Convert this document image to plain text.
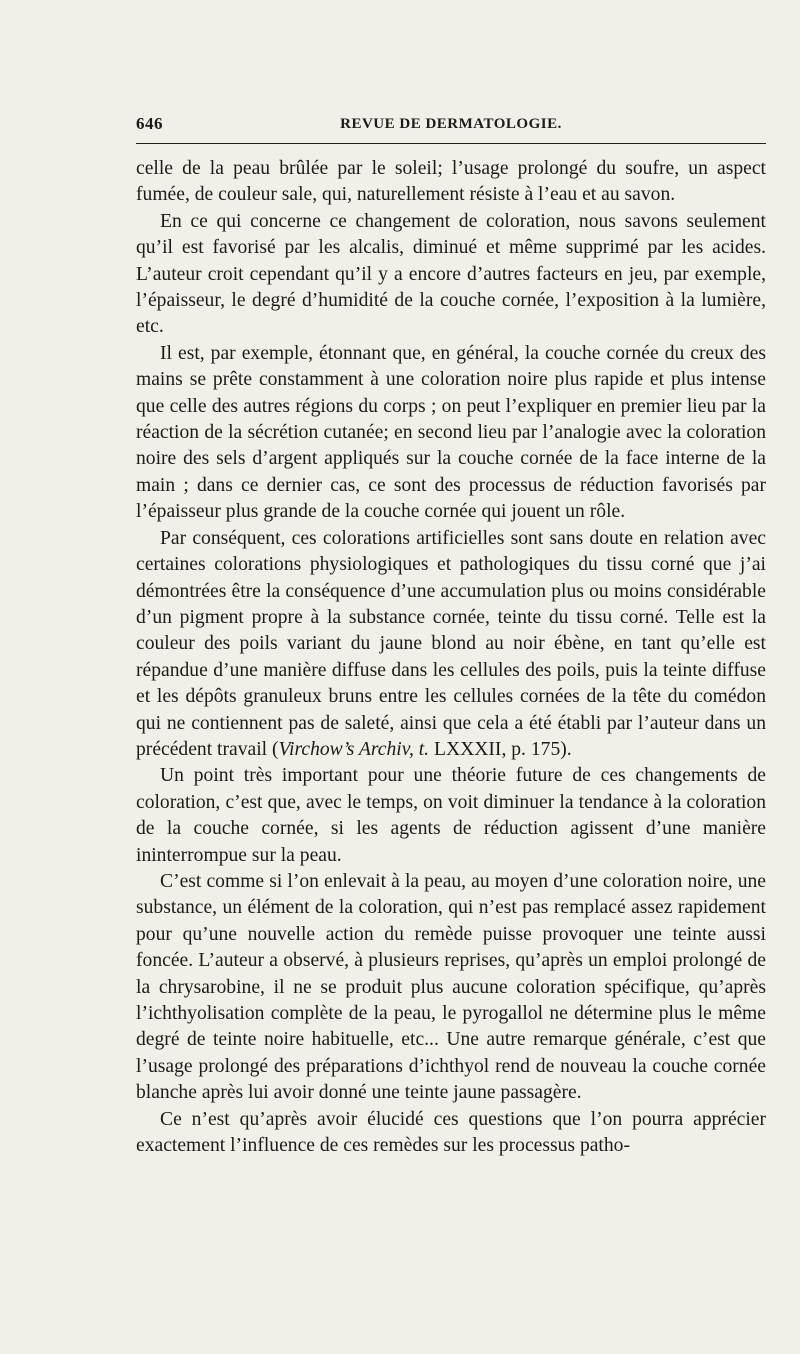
646	REVUE DE DERMATOLOGIE.

celle de la peau brûlée par le soleil; l’usage prolongé du soufre, un aspect fumée, de couleur sale, qui, naturellement résiste à l’eau et au savon.

En ce qui concerne ce changement de coloration, nous savons seulement qu’il est favorisé par les alcalis, diminué et même supprimé par les acides. L’auteur croit cependant qu’il y a encore d’autres facteurs en jeu, par exemple, l’épaisseur, le degré d’humidité de la couche cornée, l’exposition à la lumière, etc.

Il est, par exemple, étonnant que, en général, la couche cornée du creux des mains se prête constamment à une coloration noire plus rapide et plus intense que celle des autres régions du corps ; on peut l’expliquer en premier lieu par la réaction de la sécrétion cutanée; en second lieu par l’analogie avec la coloration noire des sels d’argent appliqués sur la couche cornée de la face interne de la main ; dans ce dernier cas, ce sont des processus de réduction favorisés par l’épaisseur plus grande de la couche cornée qui jouent un rôle.

Par conséquent, ces colorations artificielles sont sans doute en relation avec certaines colorations physiologiques et pathologiques du tissu corné que j’ai démontrées être la conséquence d’une accumulation plus ou moins considérable d’un pigment propre à la substance cornée, teinte du tissu corné. Telle est la couleur des poils variant du jaune blond au noir ébène, en tant qu’elle est répandue d’une manière diffuse dans les cellules des poils, puis la teinte diffuse et les dépôts granuleux bruns entre les cellules cornées de la tête du comédon qui ne contiennent pas de saleté, ainsi que cela a été établi par l’auteur dans un précédent travail (Virchow’s Archiv, t. LXXXII, p. 175).

Un point très important pour une théorie future de ces changements de coloration, c’est que, avec le temps, on voit diminuer la tendance à la coloration de la couche cornée, si les agents de réduction agissent d’une manière ininterrompue sur la peau.

C’est comme si l’on enlevait à la peau, au moyen d’une coloration noire, une substance, un élément de la coloration, qui n’est pas remplacé assez rapidement pour qu’une nouvelle action du remède puisse provoquer une teinte aussi foncée. L’auteur a observé, à plusieurs reprises, qu’après un emploi prolongé de la chrysarobine, il ne se produit plus aucune coloration spécifique, qu’après l’ichthyolisation complète de la peau, le pyrogallol ne détermine plus le même degré de teinte noire habituelle, etc... Une autre remarque générale, c’est que l’usage prolongé des préparations d’ichthyol rend de nouveau la couche cornée blanche après lui avoir donné une teinte jaune passagère.

Ce n’est qu’après avoir élucidé ces questions que l’on pourra apprécier exactement l’influence de ces remèdes sur les processus patho-
